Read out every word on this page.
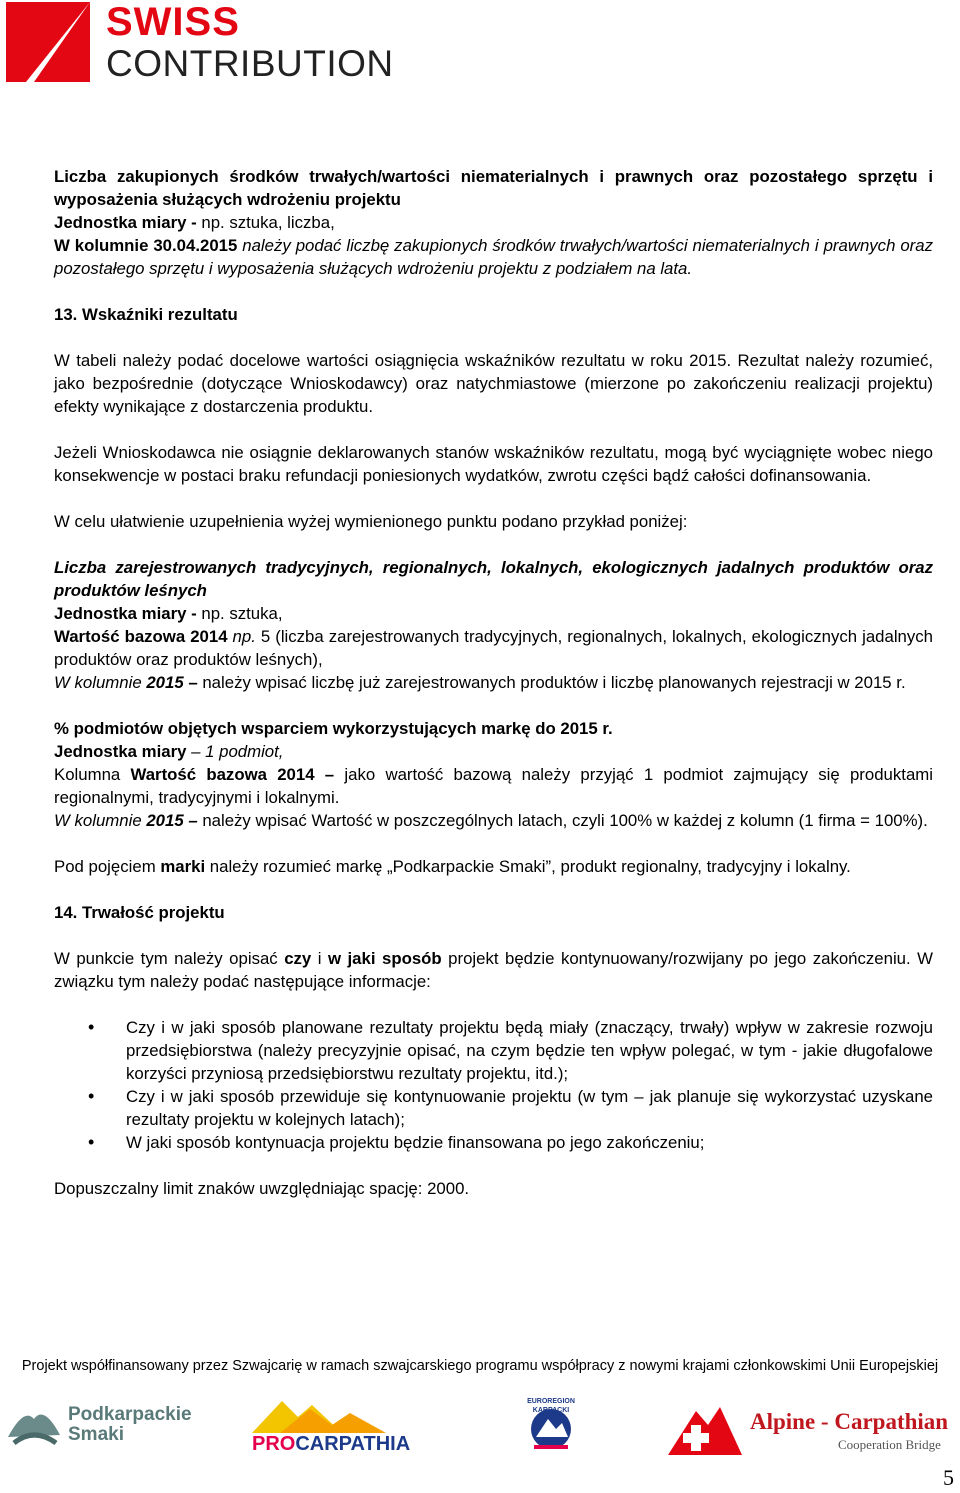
SWISS
CONTRIBUTION

Liczba zakupionych środków trwałych/wartości niematerialnych i prawnych oraz pozostałego sprzętu i wyposażenia służących wdrożeniu projektu
Jednostka miary - np. sztuka, liczba,
W kolumnie 30.04.2015 należy podać liczbę zakupionych środków trwałych/wartości niematerialnych i prawnych oraz pozostałego sprzętu i wyposażenia służących wdrożeniu projektu z podziałem na lata.

13. Wskaźniki rezultatu

W tabeli należy podać docelowe wartości osiągnięcia wskaźników rezultatu w roku 2015. Rezultat należy rozumieć, jako bezpośrednie (dotyczące Wnioskodawcy) oraz natychmiastowe (mierzone po zakończeniu realizacji projektu) efekty wynikające z dostarczenia produktu.

Jeżeli Wnioskodawca nie osiągnie deklarowanych stanów wskaźników rezultatu, mogą być wyciągnięte wobec niego konsekwencje w postaci braku refundacji poniesionych wydatków, zwrotu części bądź całości dofinansowania.

W celu ułatwienie uzupełnienia wyżej wymienionego punktu podano przykład poniżej:

Liczba zarejestrowanych tradycyjnych, regionalnych, lokalnych, ekologicznych jadalnych produktów oraz produktów leśnych
Jednostka miary - np. sztuka,
Wartość bazowa 2014 np. 5 (liczba zarejestrowanych tradycyjnych, regionalnych, lokalnych, ekologicznych jadalnych produktów oraz produktów leśnych),
W kolumnie 2015 – należy wpisać liczbę już zarejestrowanych produktów i liczbę planowanych rejestracji w 2015 r.

% podmiotów objętych wsparciem wykorzystujących markę do 2015 r.
Jednostka miary – 1 podmiot,
Kolumna Wartość bazowa 2014 – jako wartość bazową należy przyjąć 1 podmiot zajmujący się produktami regionalnymi, tradycyjnymi i lokalnymi.
W kolumnie 2015 – należy wpisać Wartość w poszczególnych latach, czyli 100% w każdej z kolumn (1 firma = 100%).

Pod pojęciem marki należy rozumieć markę „Podkarpackie Smaki”, produkt regionalny, tradycyjny i lokalny.

14. Trwałość projektu

W punkcie tym należy opisać czy i w jaki sposób projekt będzie kontynuowany/rozwijany po jego zakończeniu. W związku tym należy podać następujące informacje:

• Czy i w jaki sposób planowane rezultaty projektu będą miały (znaczący, trwały) wpływ w zakresie rozwoju przedsiębiorstwa (należy precyzyjnie opisać, na czym będzie ten wpływ polegać, w tym - jakie długofalowe korzyści przyniosą przedsiębiorstwu rezultaty projektu, itd.);
• Czy i w jaki sposób przewiduje się kontynuowanie projektu (w tym – jak planuje się wykorzystać uzyskane rezultaty projektu w kolejnych latach);
• W jaki sposób kontynuacja projektu będzie finansowana po jego zakończeniu;

Dopuszczalny limit znaków uwzględniając spację: 2000.

Projekt współfinansowany przez Szwajcarię w ramach szwajcarskiego programu współpracy z nowymi krajami członkowskimi Unii Europejskiej
Podkarpackie
Smaki	PROCARPATHIA
EUROREGION KARPACKI	Alpine - Carpathian
Cooperation Bridge
5
